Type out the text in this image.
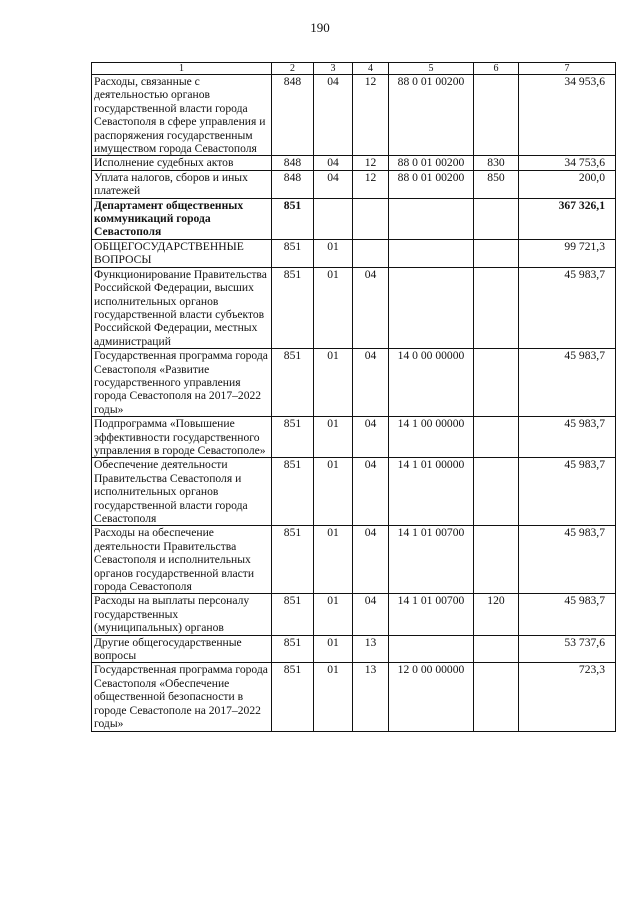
190
1	2	3	4	5	6	7
Расходы, связанные с деятельностью органов государственной власти города Севастополя в сфере управления и распоряжения государственным имуществом города Севастополя	848	04	12	88 0 01 00200		34 953,6
Исполнение судебных актов	848	04	12	88 0 01 00200	830	34 753,6
Уплата налогов, сборов и иных платежей	848	04	12	88 0 01 00200	850	200,0
Департамент общественных коммуникаций города Севастополя	851					367 326,1
ОБЩЕГОСУДАРСТВЕННЫЕ ВОПРОСЫ	851	01				99 721,3
Функционирование Правительства Российской Федерации, высших исполнительных органов государственной власти субъектов Российской Федерации, местных администраций	851	01	04			45 983,7
Государственная программа города Севастополя «Развитие государственного управления города Севастополя на 2017–2022 годы»	851	01	04	14 0 00 00000		45 983,7
Подпрограмма «Повышение эффективности государственного управления в городе Севастополе»	851	01	04	14 1 00 00000		45 983,7
Обеспечение деятельности Правительства Севастополя и исполнительных органов государственной власти города Севастополя	851	01	04	14 1 01 00000		45 983,7
Расходы на обеспечение деятельности Правительства Севастополя и исполнительных органов государственной власти города Севастополя	851	01	04	14 1 01 00700		45 983,7
Расходы на выплаты персоналу государственных (муниципальных) органов	851	01	04	14 1 01 00700	120	45 983,7
Другие общегосударственные вопросы	851	01	13			53 737,6
Государственная программа города Севастополя «Обеспечение общественной безопасности в городе Севастополе на 2017–2022 годы»	851	01	13	12 0 00 00000		723,3
